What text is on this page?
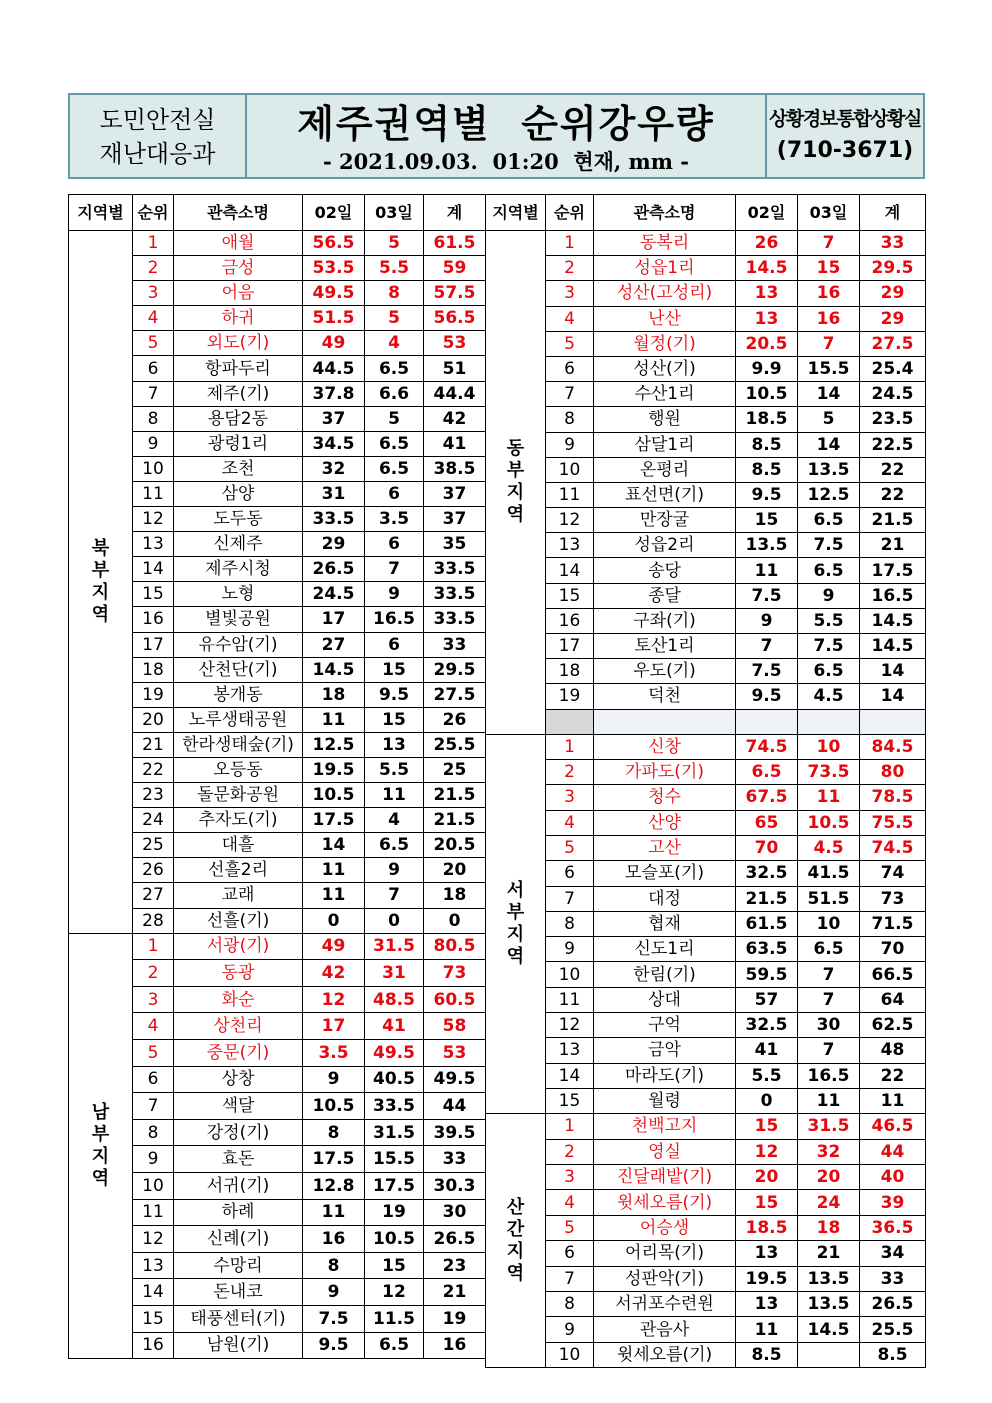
도민안전실
재난대응과
제주권역별  순위강우량
- 2021.09.03.  01:20  현재, mm -
상황경보통합상황실
(710-3671)
지역별	순위	관측소명	02일	03일	계

북
부
지
역	1	애월	56.5	5	61.5
	2	금성	53.5	5.5	59
	3	어음	49.5	8	57.5
	4	하귀	51.5	5	56.5
	5	외도(기)	49	4	53
	6	항파두리	44.5	6.5	51
	7	제주(기)	37.8	6.6	44.4
	8	용담2동	37	5	42
	9	광령1리	34.5	6.5	41
	10	조천	32	6.5	38.5
	11	삼양	31	6	37
	12	도두동	33.5	3.5	37
	13	신제주	29	6	35
	14	제주시청	26.5	7	33.5
	15	노형	24.5	9	33.5
	16	별빛공원	17	16.5	33.5
	17	유수암(기)	27	6	33
	18	산천단(기)	14.5	15	29.5
	19	봉개동	18	9.5	27.5
	20	노루생태공원	11	15	26
	21	한라생태숲(기)	12.5	13	25.5
	22	오등동	19.5	5.5	25
	23	돌문화공원	10.5	11	21.5
	24	추자도(기)	17.5	4	21.5
	25	대흘	14	6.5	20.5
	26	선흘2리	11	9	20
	27	교래	11	7	18
	28	선흘(기)	0	0	0

남
부
지
역	1	서광(기)	49	31.5	80.5
	2	동광	42	31	73
	3	화순	12	48.5	60.5
	4	상천리	17	41	58
	5	중문(기)	3.5	49.5	53
	6	상창	9	40.5	49.5
	7	색달	10.5	33.5	44
	8	강정(기)	8	31.5	39.5
	9	효돈	17.5	15.5	33
	10	서귀(기)	12.8	17.5	30.3
	11	하례	11	19	30
	12	신례(기)	16	10.5	26.5
	13	수망리	8	15	23
	14	돈내코	9	12	21
	15	태풍센터(기)	7.5	11.5	19
	16	남원(기)	9.5	6.5	16
지역별	순위	관측소명	02일	03일	계

동
부
지
역	1	동복리	26	7	33
	2	성읍1리	14.5	15	29.5
	3	성산(고성리)	13	16	29
	4	난산	13	16	29
	5	월정(기)	20.5	7	27.5
	6	성산(기)	9.9	15.5	25.4
	7	수산1리	10.5	14	24.5
	8	행원	18.5	5	23.5
	9	삼달1리	8.5	14	22.5
	10	온평리	8.5	13.5	22
	11	표선면(기)	9.5	12.5	22
	12	만장굴	15	6.5	21.5
	13	성읍2리	13.5	7.5	21
	14	송당	11	6.5	17.5
	15	종달	7.5	9	16.5
	16	구좌(기)	9	5.5	14.5
	17	토산1리	7	7.5	14.5
	18	우도(기)	7.5	6.5	14
	19	덕천	9.5	4.5	14

서
부
지
역	1	신창	74.5	10	84.5
	2	가파도(기)	6.5	73.5	80
	3	청수	67.5	11	78.5
	4	산양	65	10.5	75.5
	5	고산	70	4.5	74.5
	6	모슬포(기)	32.5	41.5	74
	7	대정	21.5	51.5	73
	8	협재	61.5	10	71.5
	9	신도1리	63.5	6.5	70
	10	한림(기)	59.5	7	66.5
	11	상대	57	7	64
	12	구억	32.5	30	62.5
	13	금악	41	7	48
	14	마라도(기)	5.5	16.5	22
	15	월령	0	11	11

산
간
지
역	1	천백고지	15	31.5	46.5
	2	영실	12	32	44
	3	진달래밭(기)	20	20	40
	4	윗세오름(기)	15	24	39
	5	어승생	18.5	18	36.5
	6	어리목(기)	13	21	34
	7	성판악(기)	19.5	13.5	33
	8	서귀포수련원	13	13.5	26.5
	9	관음사	11	14.5	25.5
	10	윗세오름(기)	8.5		8.5
